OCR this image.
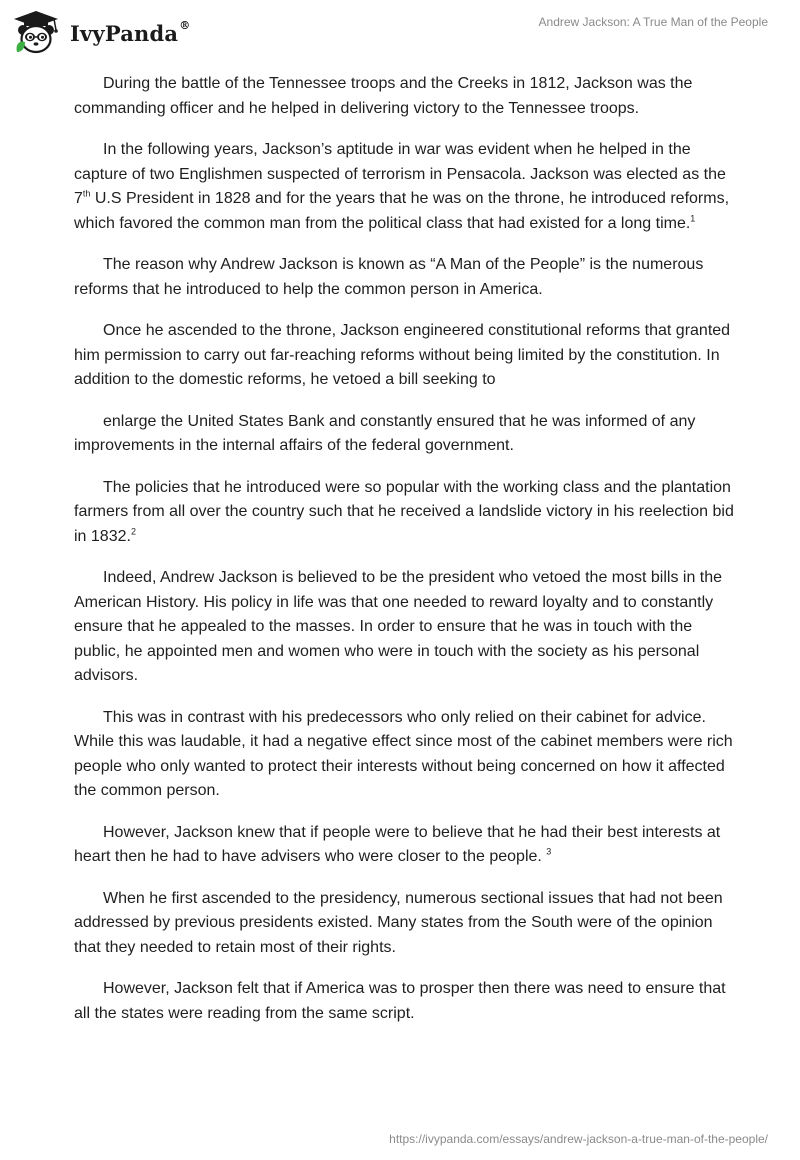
IvyPanda®	Andrew Jackson: A True Man of the People

During the battle of the Tennessee troops and the Creeks in 1812, Jackson was the commanding officer and he helped in delivering victory to the Tennessee troops.

In the following years, Jackson’s aptitude in war was evident when he helped in the capture of two Englishmen suspected of terrorism in Pensacola. Jackson was elected as the 7th U.S President in 1828 and for the years that he was on the throne, he introduced reforms, which favored the common man from the political class that had existed for a long time.$^1$

The reason why Andrew Jackson is known as “A Man of the People” is the numerous reforms that he introduced to help the common person in America.

Once he ascended to the throne, Jackson engineered constitutional reforms that granted him permission to carry out far-reaching reforms without being limited by the constitution. In addition to the domestic reforms, he vetoed a bill seeking to

enlarge the United States Bank and constantly ensured that he was informed of any improvements in the internal affairs of the federal government.

The policies that he introduced were so popular with the working class and the plantation farmers from all over the country such that he received a landslide victory in his reelection bid in 1832.$^2$

Indeed, Andrew Jackson is believed to be the president who vetoed the most bills in the American History. His policy in life was that one needed to reward loyalty and to constantly ensure that he appealed to the masses. In order to ensure that he was in touch with the public, he appointed men and women who were in touch with the society as his personal advisors.

This was in contrast with his predecessors who only relied on their cabinet for advice. While this was laudable, it had a negative effect since most of the cabinet members were rich people who only wanted to protect their interests without being concerned on how it affected the common person.

However, Jackson knew that if people were to believe that he had their best interests at heart then he had to have advisers who were closer to the people. $^3$

When he first ascended to the presidency, numerous sectional issues that had not been addressed by previous presidents existed. Many states from the South were of the opinion that they needed to retain most of their rights.

However, Jackson felt that if America was to prosper then there was need to ensure that all the states were reading from the same script.

https://ivypanda.com/essays/andrew-jackson-a-true-man-of-the-people/
